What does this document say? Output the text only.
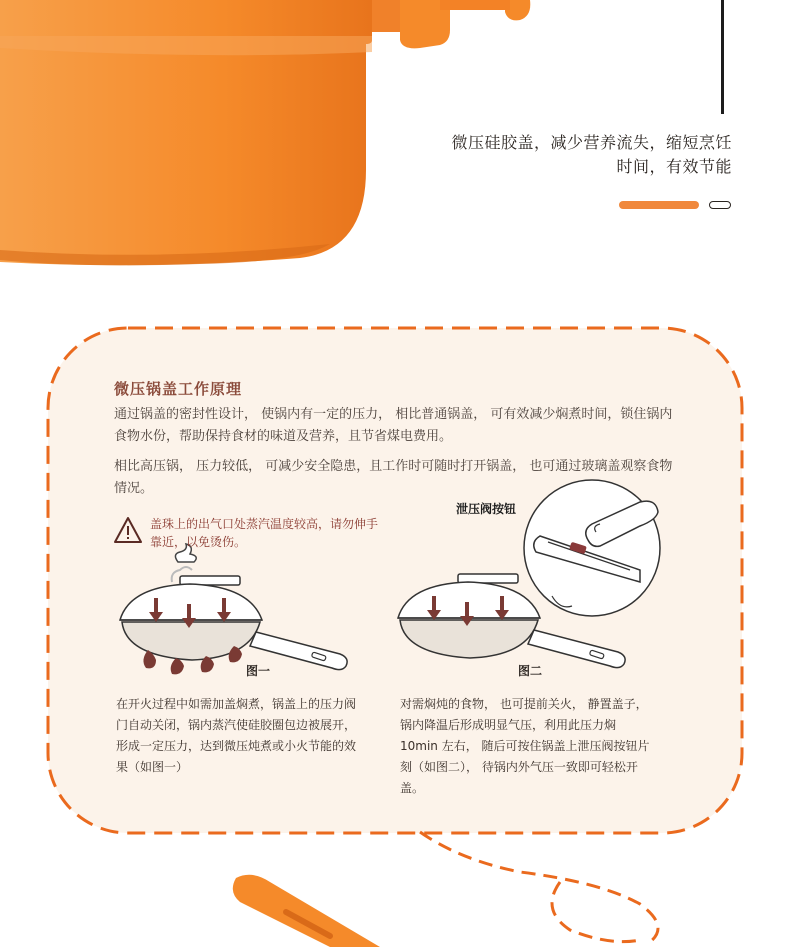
微压硅胶盖，减少营养流失，缩短烹饪
时间，有效节能
微压锅盖工作原理
通过锅盖的密封性设计， 使锅内有一定的压力， 相比普通锅盖， 可有效减少焖煮时间，锁住锅内食物水份，帮助保持食材的味道及营养，且节省煤电费用。
相比高压锅， 压力较低， 可减少安全隐患，且工作时可随时打开锅盖， 也可通过玻璃盖观察食物情况。
盖珠上的出气口处蒸汽温度较高，请勿伸手靠近，以免烫伤。
泄压阀按钮
图一	图二
在开火过程中如需加盖焖煮，锅盖上的压力阀门自动关闭，锅内蒸汽使硅胶圈包边被展开，形成一定压力，达到微压炖煮或小火节能的效果（如图一）
对需焖炖的食物， 也可提前关火， 静置盖子，锅内降温后形成明显气压，利用此压力焖 10min 左右， 随后可按住锅盖上泄压阀按钮片刻（如图二）， 待锅内外气压一致即可轻松开盖。
